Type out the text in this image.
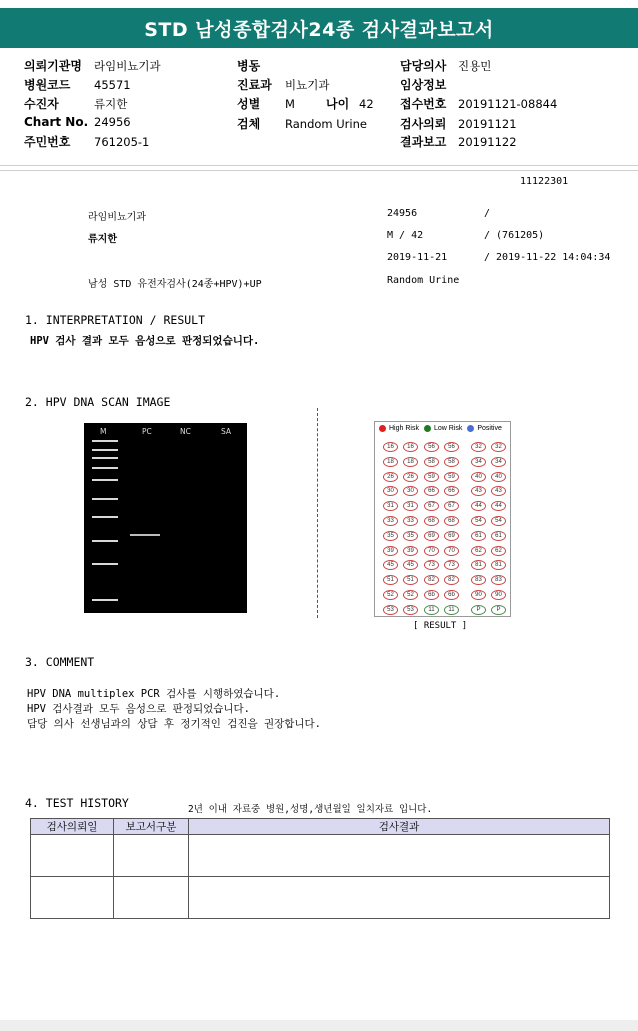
STD 남성종합검사24종 검사결과보고서
의뢰기관명 라임비뇨기과
병원코드 45571
수진자	류지한
Chart No. 24956
주민번호 761205-1
병동
진료과 비뇨기과
성별 M
검체 Random Urine
담당의사 진용민
임상정보
접수번호 20191121-08844
검사의뢰 20191121
결과보고 20191122
나이 42
11122301
라임비뇨기과	24956	/
류지한	M / 42	/ (761205)
2019-11-21	/ 2019-11-22 14:04:34
남성 STD 유전자검사(24종+HPV)+UP	Random Urine
1. INTERPRETATION / RESULT
HPV 검사 결과 모두 음성으로 판정되었습니다.
2. HPV DNA SCAN IMAGE
M	PC	NC	SA	High Risk Low Risk Positive
16	16	56	56	32	32
18	18	58	58	34	34
26	26	59	59	40	40
30	30	66	66	43	43
31	31	67	67	44	44
33	33	68	68	54	54
35	35	69	69	61	61
39	39	70	70	62	62
45	45	73	73	81	81
51	51	82	82	83	83
52	52	6b	6b	90	90
53	53	11	11	P	P
[ RESULT ]
3. COMMENT
HPV DNA multiplex PCR 검사를 시행하였습니다.
HPV 검사결과 모두 음성으로 판정되었습니다.
담당 의사 선생님과의 상담 후 정기적인 검진을 권장합니다.
4. TEST HISTORY	2년 이내 자료중 병원,성명,생년월일 일치자료 입니다.
검사의뢰일	보고서구분	검사결과
